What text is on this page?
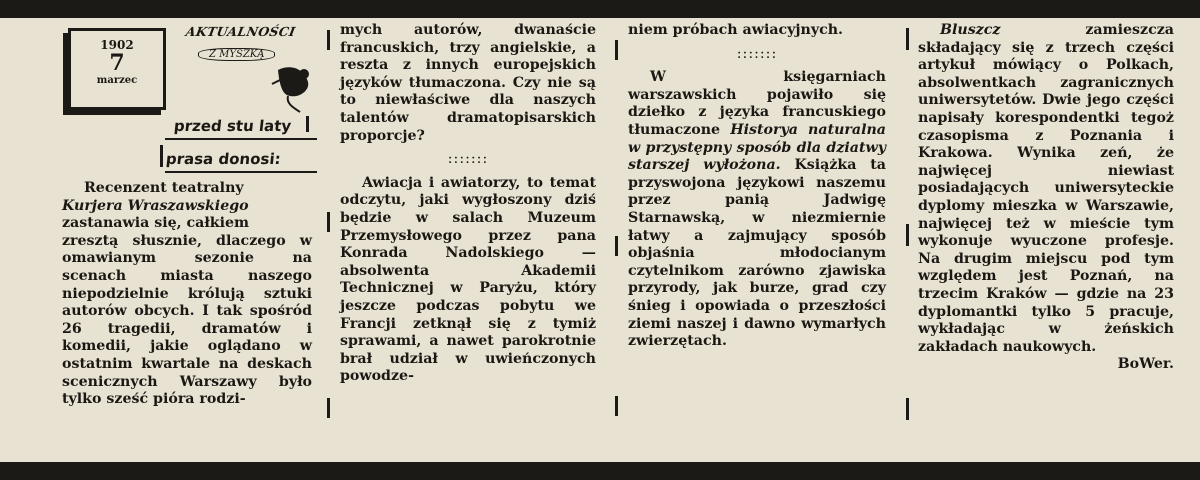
1902
7
marzec
AKTUALNOŚCI
Z MYSZKĄ
przed stu laty
prasa donosi:

Recenzent teatralny

Kurjera Wraszawskiego

zastanawia się, całkiem

zresztą słusznie, dlaczego w omawianym sezonie na scenach miasta naszego niepodzielnie królują sztuki autorów obcych. I tak spośród 26 tragedii, dramatów i komedii, jakie oglądano w ostatnim kwartale na deskach scenicznych Warszawy było tylko sześć pióra rodzi-

mych autorów, dwanaście francuskich, trzy angielskie, a reszta z innych europejskich języków tłumaczona. Czy nie są to niewłaściwe dla naszych talentów dramatopisarskich proporcje?

:::::::

Awiacja i awiatorzy, to temat odczytu, jaki wygłoszony dziś będzie w salach Muzeum Przemysłowego przez pana Konrada Nadolskiego — absolwenta Akademii Technicznej w Paryżu, który jeszcze podczas pobytu we Francji zetknął się z tymiż sprawami, a nawet parokrotnie brał udział w uwieńczonych powodze-

niem próbach awiacyjnych.

:::::::

W księgarniach warszawskich pojawiło się dziełko z języka francuskiego tłumaczone Historya naturalna w przystępny sposób dla dziatwy starszej wyłożona. Książka ta przyswojona językowi naszemu przez panią Jadwigę Starnawską, w niezmiernie łatwy a zajmujący sposób objaśnia młodocianym czytelnikom zarówno zjawiska przyrody, jak burze, grad czy śnieg i opowiada o przeszłości ziemi naszej i dawno wymarłych zwierzętach.

Bluszcz	zamieszcza składający się z trzech części artykuł mówiący o Polkach, absolwentkach zagranicznych uniwersytetów. Dwie jego części napisały korespondentki tegoż czasopisma z Poznania i Krakowa. Wynika zeń, że najwięcej niewiast posiadających uniwersyteckie dyplomy mieszka w Warszawie, najwięcej też w mieście tym wykonuje wyuczone profesje. Na drugim miejscu pod tym względem jest Poznań, na trzecim Kraków — gdzie na 23 dyplomantki tylko 5 pracuje, wykładając w żeńskich zakładach naukowych.

BoWer.
